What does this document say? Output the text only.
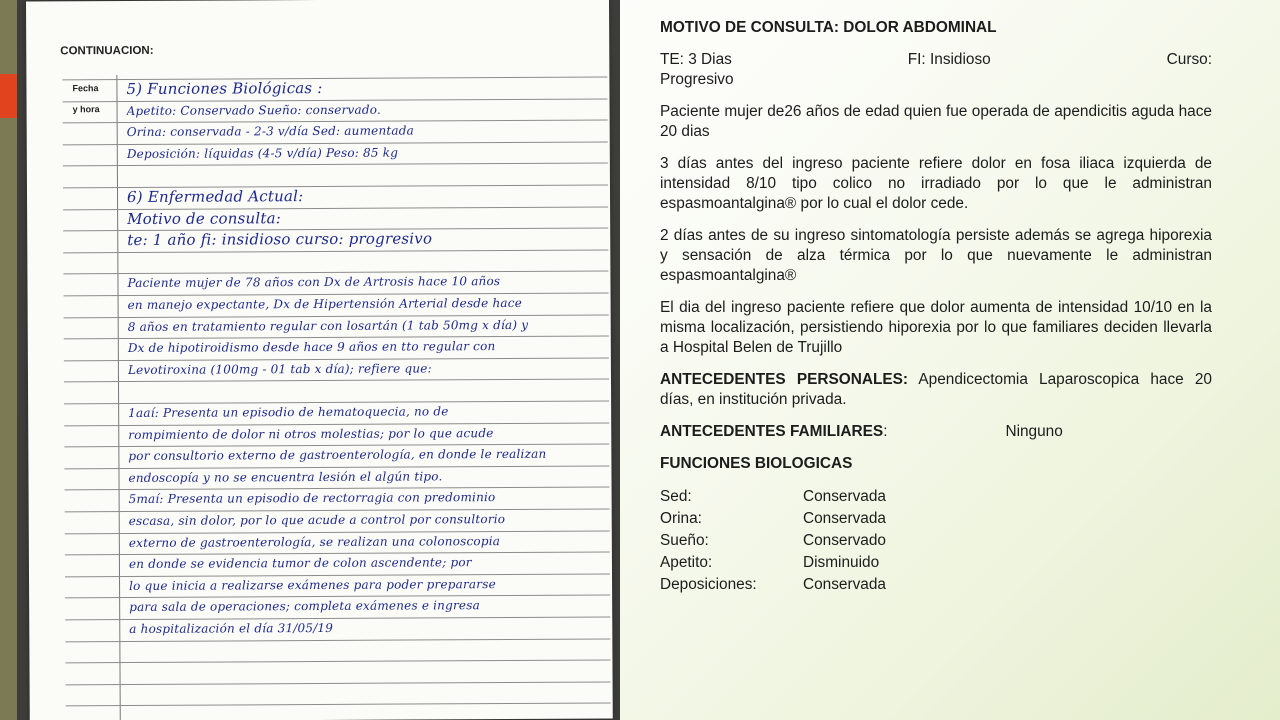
CONTINUACION:
Fecha
y hora
5) Funciones Biológicas :
Apetito: Conservado Sueño: conservado.
Orina: conservada - 2-3 v/día Sed: aumentada
Deposición: líquidas (4-5 v/día) Peso: 85 kg
6) Enfermedad Actual:
Motivo de consulta:
te: 1 año fi: insidioso curso: progresivo
Paciente mujer de 78 años con Dx de Artrosis hace 10 años
en manejo expectante, Dx de Hipertensión Arterial desde hace
8 años en tratamiento regular con losartán (1 tab 50mg x día) y
Dx de hipotiroidismo desde hace 9 años en tto regular con
Levotiroxina (100mg - 01 tab x día); refiere que:
1aaí: Presenta un episodio de hematoquecia, no de
rompimiento de dolor ni otros molestias; por lo que acude
por consultorio externo de gastroenterología, en donde le realizan
endoscopía y no se encuentra lesión el algún tipo.
5maí: Presenta un episodio de rectorragia con predominio
escasa, sin dolor, por lo que acude a control por consultorio
externo de gastroenterología, se realizan una colonoscopia
en donde se evidencia tumor de colon ascendente; por
lo que inicia a realizarse exámenes para poder prepararse
para sala de operaciones; completa exámenes e ingresa
a hospitalización el día 31/05/19

MOTIVO DE CONSULTA: DOLOR ABDOMINAL

TE: 3 Dias	FI: Insidioso	Curso:
Progresivo

Paciente mujer de26 años de edad quien fue operada de apendicitis aguda hace 20 dias

3 días antes del ingreso paciente refiere dolor en fosa iliaca izquierda de intensidad 8/10 tipo colico no irradiado por lo que le administran espasmoantalgina® por lo cual el dolor cede.

2 días antes de su ingreso sintomatología persiste además se agrega hiporexia y sensación de alza térmica por lo que nuevamente le administran espasmoantalgina®

El dia del ingreso paciente refiere que dolor aumenta de intensidad 10/10 en la misma localización, persistiendo hiporexia por lo que familiares deciden llevarla a Hospital Belen de Trujillo

ANTECEDENTES PERSONALES: Apendicectomia Laparoscopica hace 20 días, en institución privada.

ANTECEDENTES FAMILIARES:	Ninguno

FUNCIONES BIOLOGICAS

Sed:	Conservada
Orina:	Conservada
Sueño:	Conservado
Apetito:	Disminuido
Deposiciones:	Conservada
